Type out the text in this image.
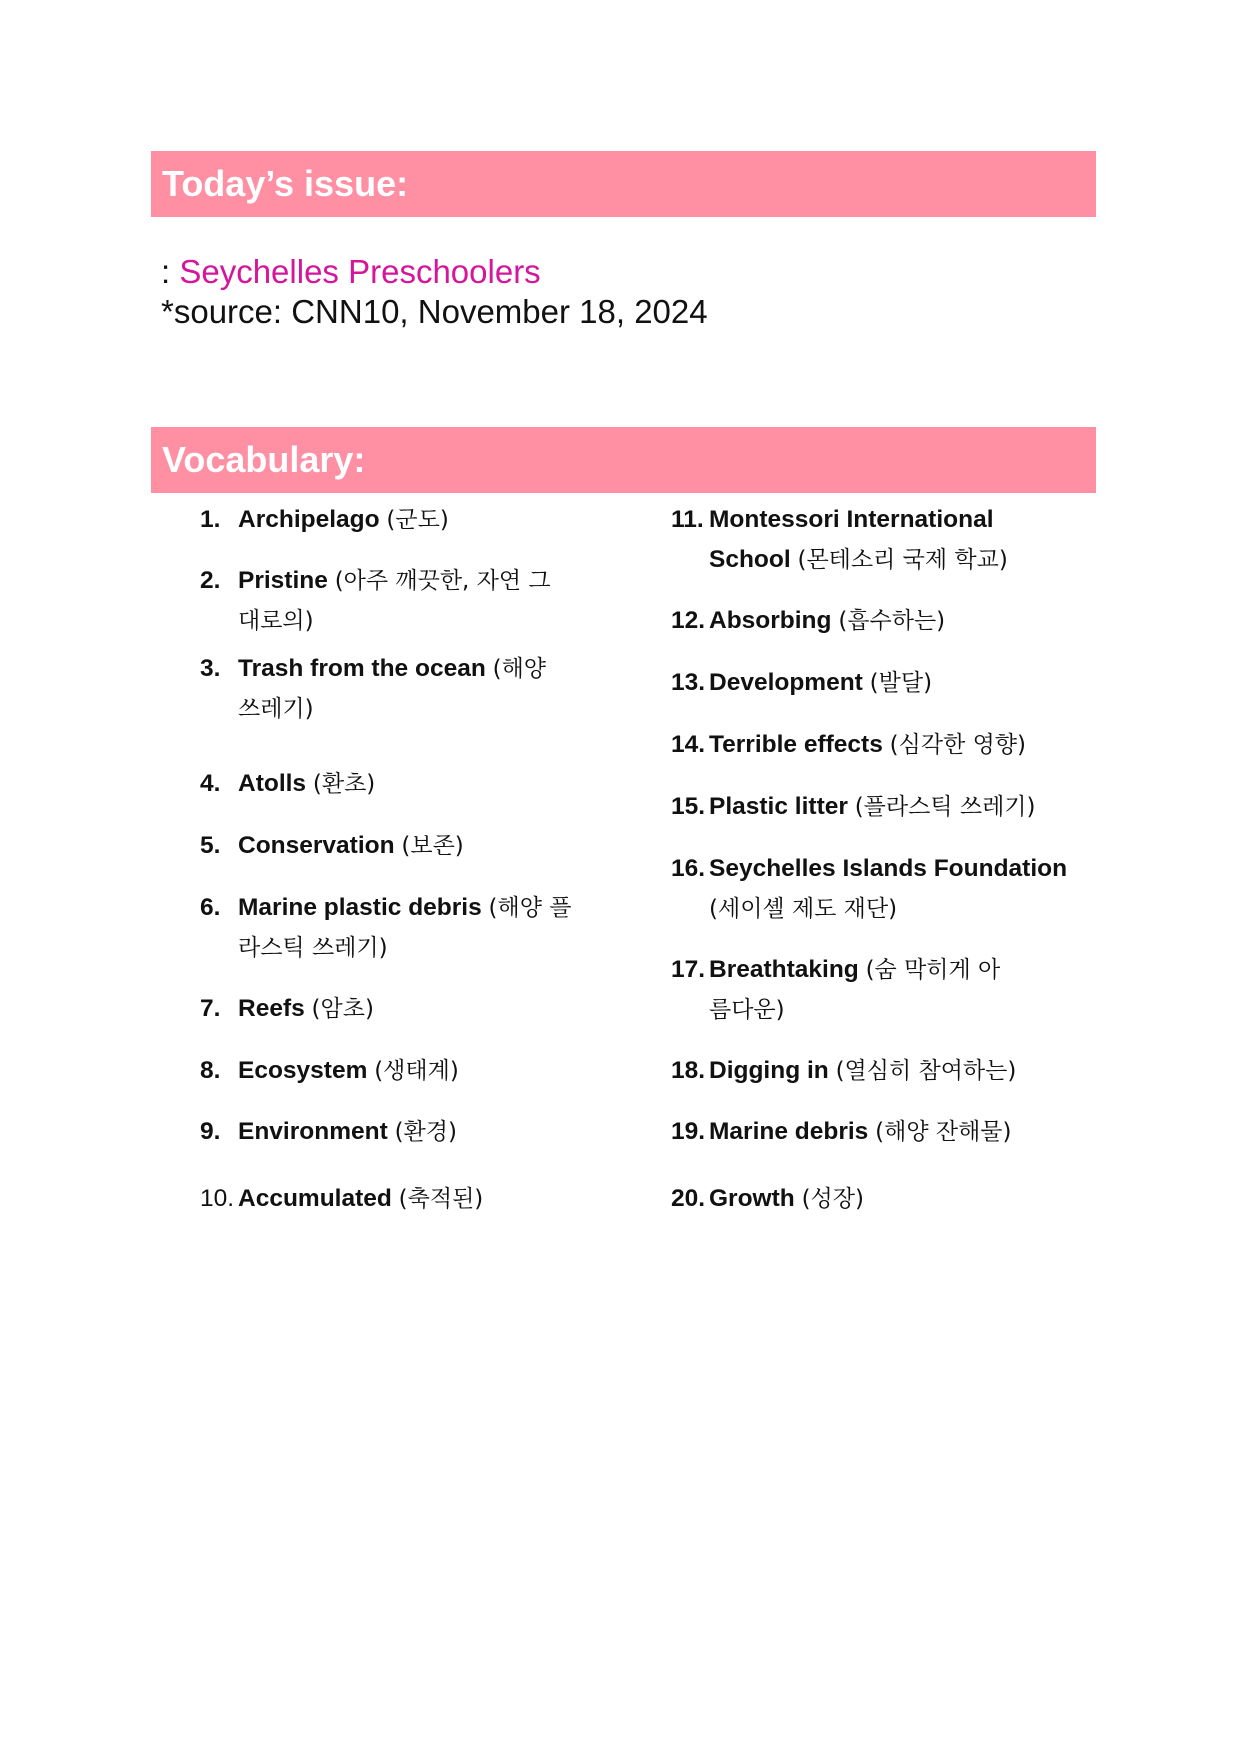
Today’s issue:
: Seychelles Preschoolers
*source: CNN10, November 18, 2024
Vocabulary:
1. Archipelago (군도)
2. Pristine (아주 깨끗한, 자연 그대로의)
3. Trash from the ocean (해양 쓰레기)
4. Atolls (환초)
5. Conservation (보존)
6. Marine plastic debris (해양 플라스틱 쓰레기)
7. Reefs (암초)
8. Ecosystem (생태계)
9. Environment (환경)
10. Accumulated (축적된)
11. Montessori International School (몬테소리 국제 학교)
12. Absorbing (흡수하는)
13. Development (발달)
14. Terrible effects (심각한 영향)
15. Plastic litter (플라스틱 쓰레기)
16. Seychelles Islands Foundation (세이셸 제도 재단)
17. Breathtaking (숨 막히게 아름다운)
18. Digging in (열심히 참여하는)
19. Marine debris (해양 잔해물)
20. Growth (성장)
